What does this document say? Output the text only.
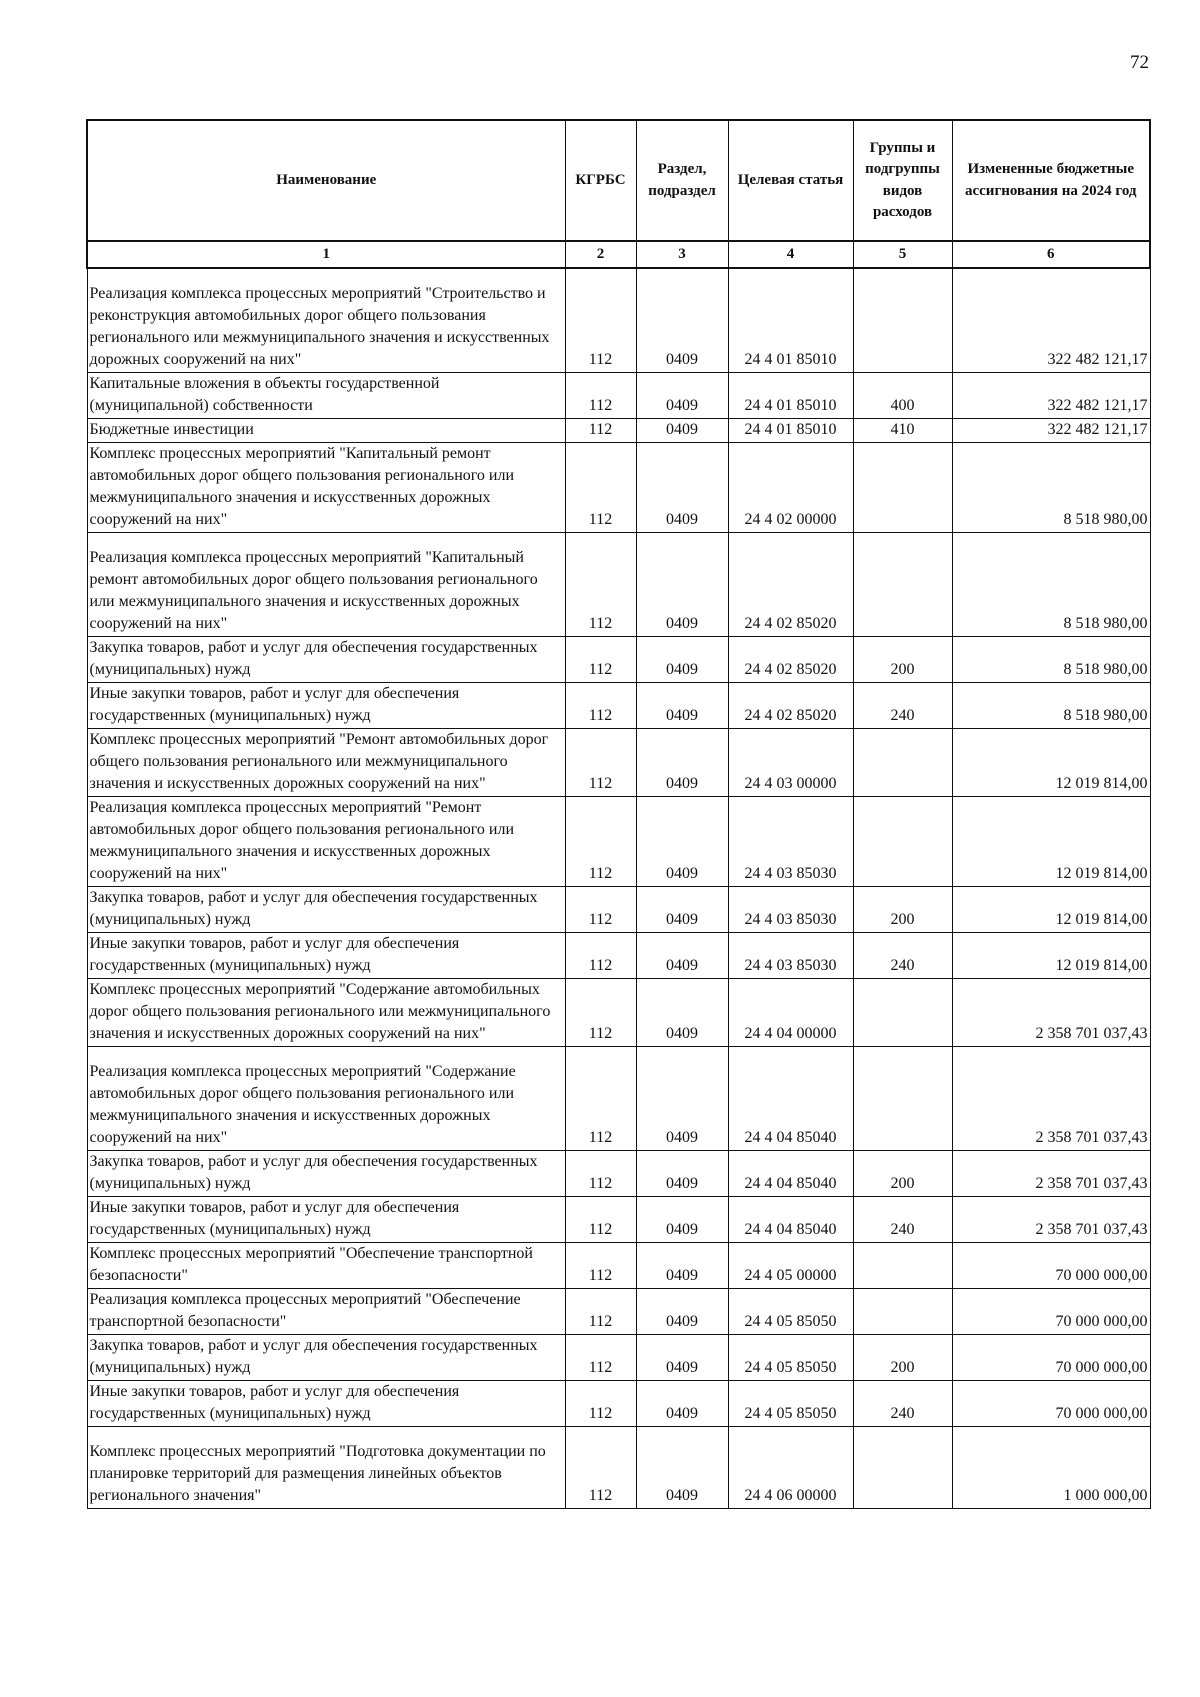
72
Наименование	КГРБС	Раздел, подраздел	Целевая статья	Группы и подгруппы видов расходов	Измененные бюджетные ассигнования на 2024 год
1	2	3	4	5	6
Реализация комплекса процессных мероприятий "Строительство и реконструкция автомобильных дорог общего пользования регионального или межмуниципального значения и искусственных дорожных сооружений на них"	112	0409	24 4 01 85010		322 482 121,17
Капитальные вложения в объекты государственной (муниципальной) собственности	112	0409	24 4 01 85010	400	322 482 121,17
Бюджетные инвестиции	112	0409	24 4 01 85010	410	322 482 121,17
Комплекс процессных мероприятий "Капитальный ремонт автомобильных дорог общего пользования регионального или межмуниципального значения и искусственных дорожных сооружений на них"	112	0409	24 4 02 00000		8 518 980,00
Реализация комплекса процессных мероприятий "Капитальный ремонт автомобильных дорог общего пользования регионального или межмуниципального значения и искусственных дорожных сооружений на них"	112	0409	24 4 02 85020		8 518 980,00
Закупка товаров, работ и услуг для обеспечения государственных (муниципальных) нужд	112	0409	24 4 02 85020	200	8 518 980,00
Иные закупки товаров, работ и услуг для обеспечения государственных (муниципальных) нужд	112	0409	24 4 02 85020	240	8 518 980,00
Комплекс процессных мероприятий "Ремонт автомобильных дорог общего пользования регионального или межмуниципального значения и искусственных дорожных сооружений на них"	112	0409	24 4 03 00000		12 019 814,00
Реализация комплекса процессных мероприятий "Ремонт автомобильных дорог общего пользования регионального или межмуниципального значения и искусственных дорожных сооружений на них"	112	0409	24 4 03 85030		12 019 814,00
Закупка товаров, работ и услуг для обеспечения государственных (муниципальных) нужд	112	0409	24 4 03 85030	200	12 019 814,00
Иные закупки товаров, работ и услуг для обеспечения государственных (муниципальных) нужд	112	0409	24 4 03 85030	240	12 019 814,00
Комплекс процессных мероприятий "Содержание автомобильных дорог общего пользования регионального или межмуниципального значения и искусственных дорожных сооружений на них"	112	0409	24 4 04 00000		2 358 701 037,43
Реализация комплекса процессных мероприятий "Содержание автомобильных дорог общего пользования регионального или межмуниципального значения и искусственных дорожных сооружений на них"	112	0409	24 4 04 85040		2 358 701 037,43
Закупка товаров, работ и услуг для обеспечения государственных (муниципальных) нужд	112	0409	24 4 04 85040	200	2 358 701 037,43
Иные закупки товаров, работ и услуг для обеспечения государственных (муниципальных) нужд	112	0409	24 4 04 85040	240	2 358 701 037,43
Комплекс процессных мероприятий "Обеспечение транспортной безопасности"	112	0409	24 4 05 00000		70 000 000,00
Реализация комплекса процессных мероприятий "Обеспечение транспортной безопасности"	112	0409	24 4 05 85050		70 000 000,00
Закупка товаров, работ и услуг для обеспечения государственных (муниципальных) нужд	112	0409	24 4 05 85050	200	70 000 000,00
Иные закупки товаров, работ и услуг для обеспечения государственных (муниципальных) нужд	112	0409	24 4 05 85050	240	70 000 000,00
Комплекс процессных мероприятий "Подготовка документации по планировке территорий для размещения линейных объектов регионального значения"	112	0409	24 4 06 00000		1 000 000,00
